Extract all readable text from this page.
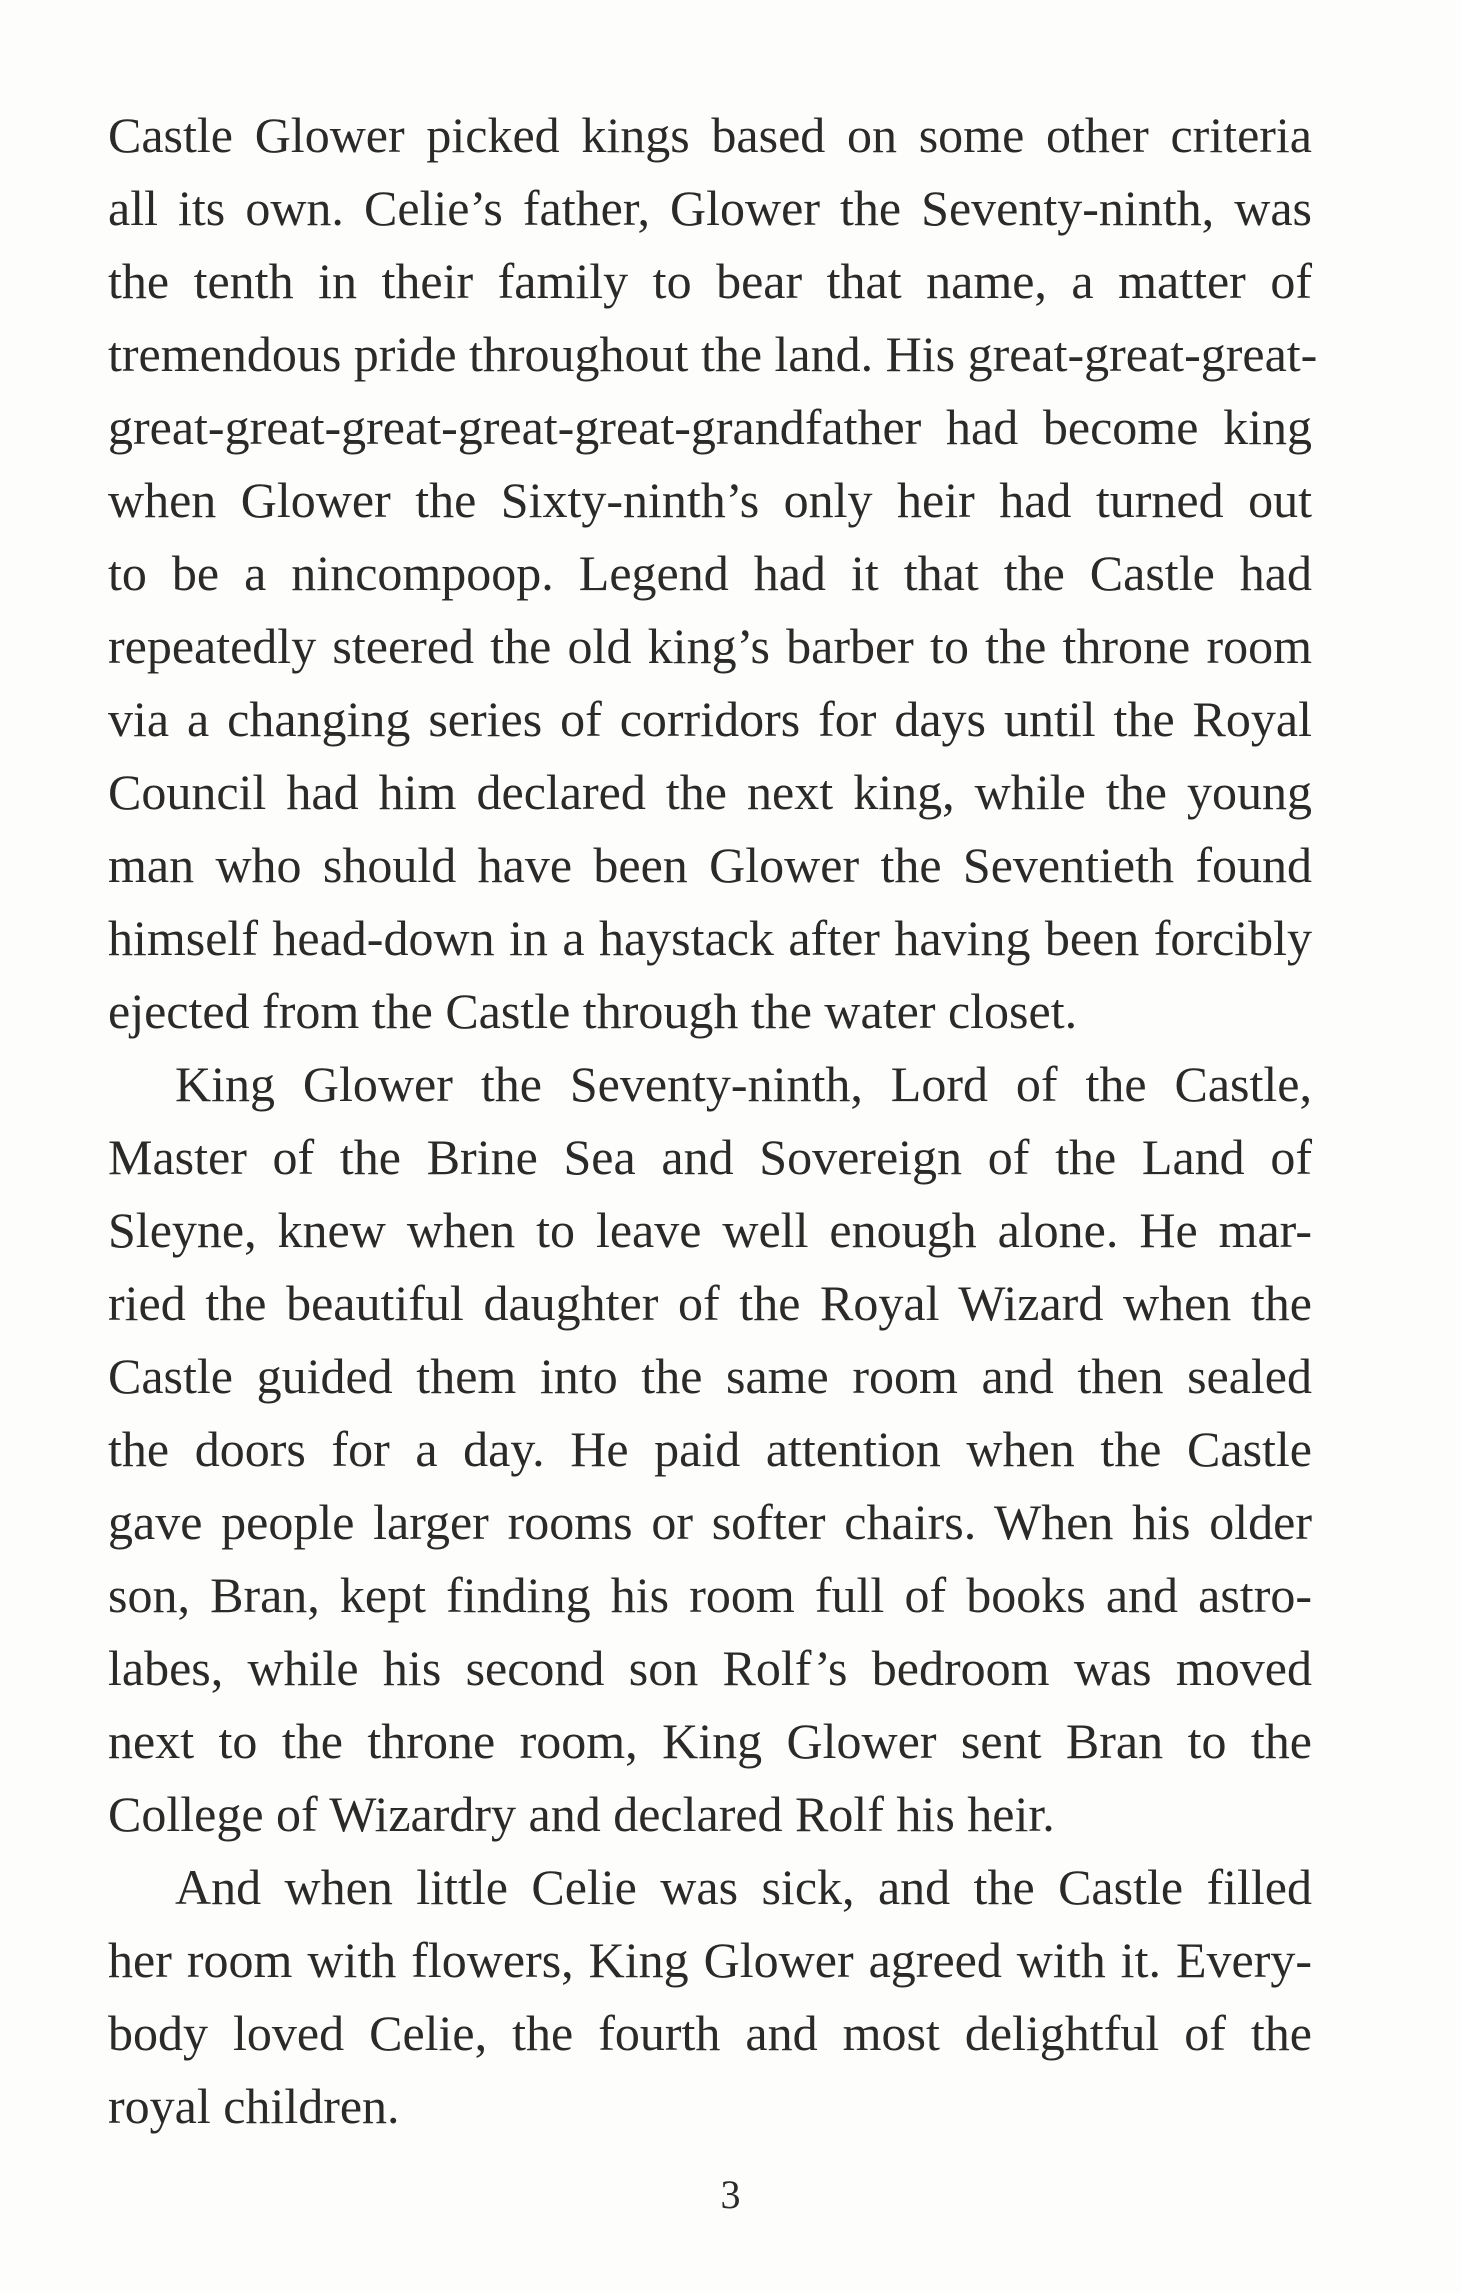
Castle Glower picked kings based on some other criteria
all its own. Celie’s father, Glower the Seventy-ninth, was
the tenth in their family to bear that name, a matter of
tremendous pride throughout the land. His great-great-great-
great-great-great-great-great-grandfather had become king
when Glower the Sixty-ninth’s only heir had turned out
to be a nincompoop. Legend had it that the Castle had
repeatedly steered the old king’s barber to the throne room
via a changing series of corridors for days until the Royal
Council had him declared the next king, while the young
man who should have been Glower the Seventieth found
himself head-down in a haystack after having been forcibly
ejected from the Castle through the water closet.
King Glower the Seventy-ninth, Lord of the Castle,
Master of the Brine Sea and Sovereign of the Land of
Sleyne, knew when to leave well enough alone. He mar-
ried the beautiful daughter of the Royal Wizard when the
Castle guided them into the same room and then sealed
the doors for a day. He paid attention when the Castle
gave people larger rooms or softer chairs. When his older
son, Bran, kept finding his room full of books and astro-
labes, while his second son Rolf’s bedroom was moved
next to the throne room, King Glower sent Bran to the
College of Wizardry and declared Rolf his heir.
And when little Celie was sick, and the Castle filled
her room with flowers, King Glower agreed with it. Every-
body loved Celie, the fourth and most delightful of the
royal children.
3
